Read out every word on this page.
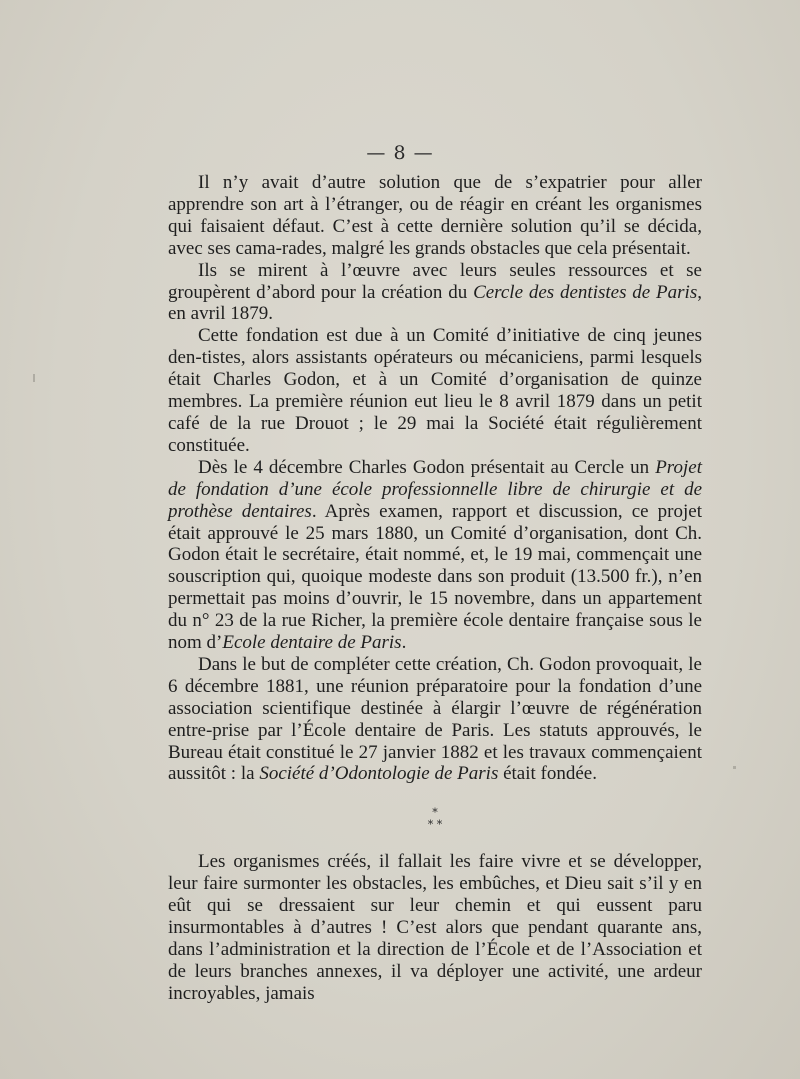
— 8 —

Il n’y avait d’autre solution que de s’expatrier pour aller apprendre son art à l’étranger, ou de réagir en créant les organismes qui faisaient défaut. C’est à cette dernière solution qu’il se décida, avec ses cama-rades, malgré les grands obstacles que cela présentait.

Ils se mirent à l’œuvre avec leurs seules ressources et se groupèrent d’abord pour la création du Cercle des dentistes de Paris, en avril 1879.

Cette fondation est due à un Comité d’initiative de cinq jeunes den-tistes, alors assistants opérateurs ou mécaniciens, parmi lesquels était Charles Godon, et à un Comité d’organisation de quinze membres. La première réunion eut lieu le 8 avril 1879 dans un petit café de la rue Drouot ; le 29 mai la Société était régulièrement constituée.

Dès le 4 décembre Charles Godon présentait au Cercle un Projet de fondation d’une école professionnelle libre de chirurgie et de prothèse dentaires. Après examen, rapport et discussion, ce projet était approuvé le 25 mars 1880, un Comité d’organisation, dont Ch. Godon était le secrétaire, était nommé, et, le 19 mai, commençait une souscription qui, quoique modeste dans son produit (13.500 fr.), n’en permettait pas moins d’ouvrir, le 15 novembre, dans un appartement du n° 23 de la rue Richer, la première école dentaire française sous le nom d’Ecole dentaire de Paris.

Dans le but de compléter cette création, Ch. Godon provoquait, le 6 décembre 1881, une réunion préparatoire pour la fondation d’une association scientifique destinée à élargir l’œuvre de régénération entre-prise par l’École dentaire de Paris. Les statuts approuvés, le Bureau était constitué le 27 janvier 1882 et les travaux commençaient aussitôt : la Société d’Odontologie de Paris était fondée.

*
* *

Les organismes créés, il fallait les faire vivre et se développer, leur faire surmonter les obstacles, les embûches, et Dieu sait s’il y en eût qui se dressaient sur leur chemin et qui eussent paru insurmontables à d’autres ! C’est alors que pendant quarante ans, dans l’administration et la direction de l’École et de l’Association et de leurs branches annexes, il va déployer une activité, une ardeur incroyables, jamais
